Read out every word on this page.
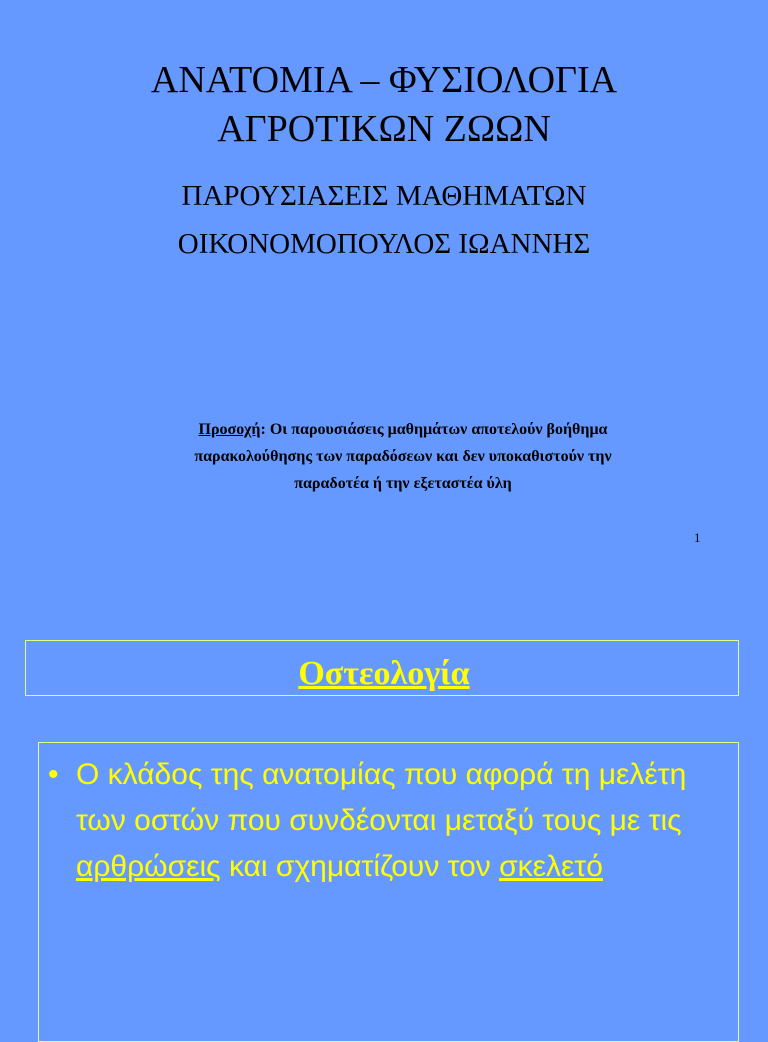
ΑΝΑΤΟΜΙΑ – ΦΥΣΙΟΛΟΓΙΑ
ΑΓΡΟΤΙΚΩΝ ΖΩΩΝ
ΠΑΡΟΥΣΙΑΣΕΙΣ ΜΑΘΗΜΑΤΩΝ
ΟΙΚΟΝΟΜΟΠΟΥΛΟΣ ΙΩΑΝΝΗΣ
Προσοχή: Οι παρουσιάσεις μαθημάτων αποτελούν βοήθημα
παρακολούθησης των παραδόσεων και δεν υποκαθιστούν την
παραδοτέα ή την εξεταστέα ύλη
1
Οστεολογία
• Ο κλάδος της ανατομίας που αφορά τη μελέτη των οστών που συνδέονται μεταξύ τους με τις αρθρώσεις και σχηματίζουν τον σκελετό
